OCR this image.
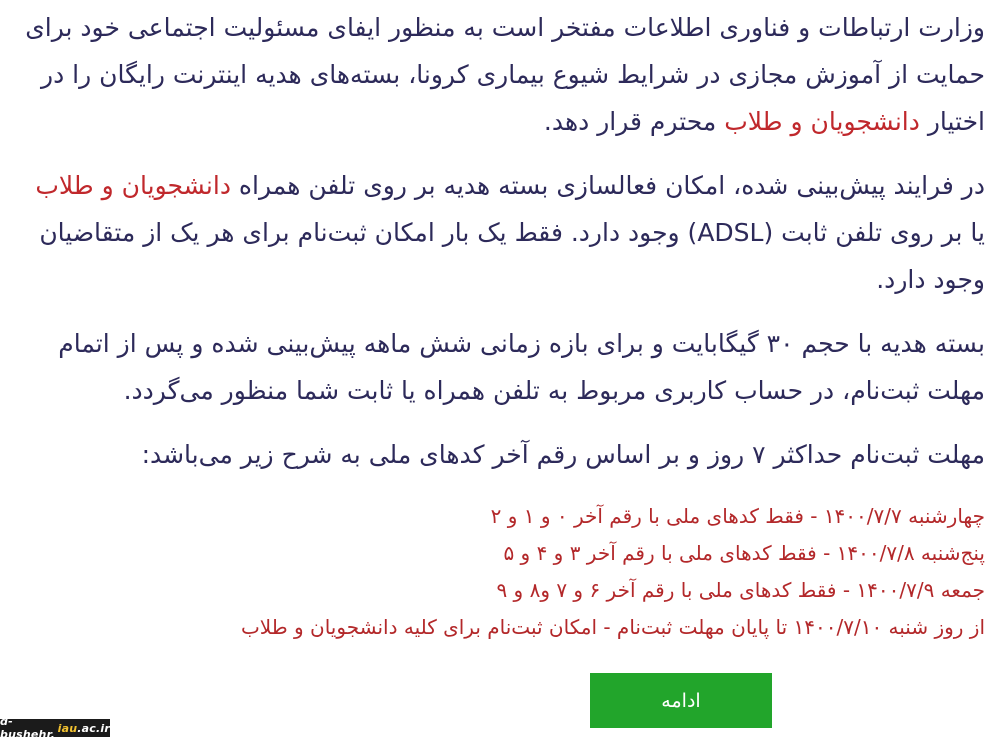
وزارت ارتباطات و فناوری اطلاعات مفتخر است به منظور ایفای مسئولیت اجتماعی خود برای حمایت از آموزش مجازی در شرایط شیوع بیماری کرونا، بسته‌های هدیه اینترنت رایگان را در اختیار دانشجویان و طلاب محترم قرار دهد.

در فرایند پیش‌بینی شده، امکان فعالسازی بسته هدیه بر روی تلفن همراه دانشجویان و طلاب یا بر روی تلفن ثابت (ADSL) وجود دارد. فقط یک بار امکان ثبت‌نام برای هر یک از متقاضیان وجود دارد.

بسته هدیه با حجم ۳۰ گیگابایت و برای بازه زمانی شش ماهه پیش‌بینی شده و پس از اتمام مهلت ثبت‌نام، در حساب کاربری مربوط به تلفن همراه یا ثابت شما منظور می‌گردد.

مهلت ثبت‌نام حداکثر ۷ روز و بر اساس رقم آخر کدهای ملی به شرح زیر می‌باشد:

چهارشنبه ۱۴۰۰/۷/۷ - فقط کدهای ملی با رقم آخر ۰ و ۱ و ۲
پنج‌شنبه ۱۴۰۰/۷/۸ - فقط کدهای ملی با رقم آخر ۳ و ۴ و ۵
جمعه ۱۴۰۰/۷/۹ - فقط کدهای ملی با رقم آخر ۶ و ۷ و۸ و ۹
از روز شنبه ۱۴۰۰/۷/۱۰ تا پایان مهلت ثبت‌نام - امکان ثبت‌نام برای کلیه دانشجویان و طلاب
ادامه
d-bushehr. iau .ac.ir
